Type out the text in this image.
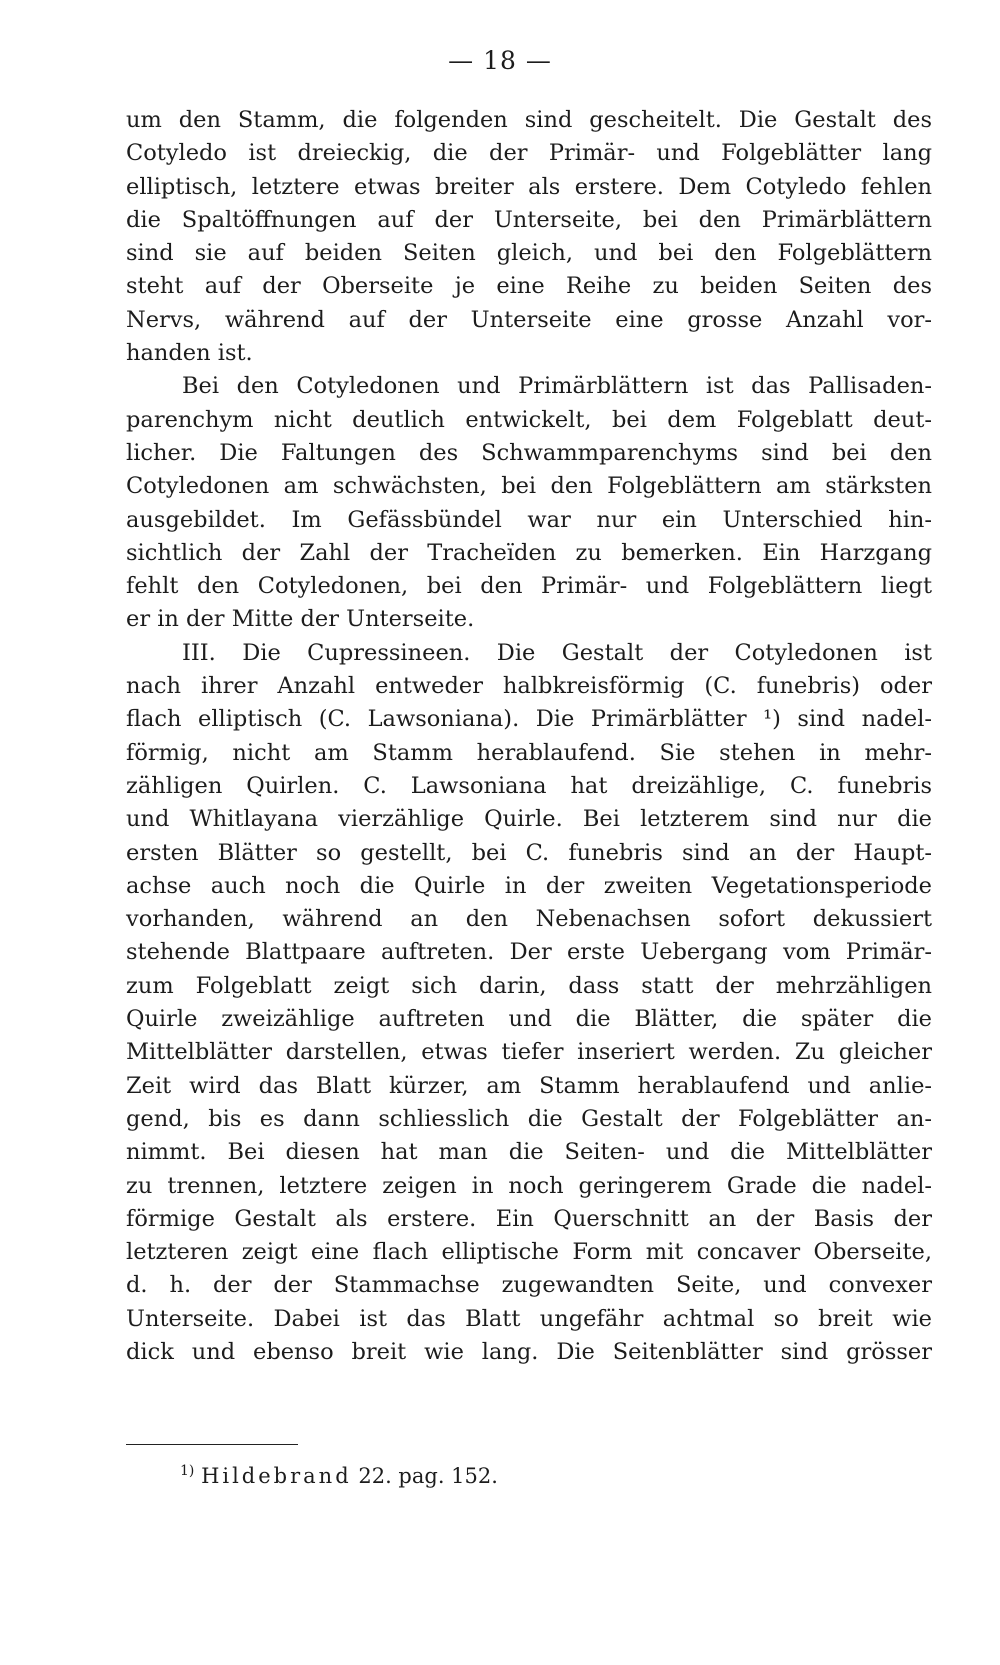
— 18 —
um den Stamm, die folgenden sind gescheitelt. Die Gestalt des
Cotyledo ist dreieckig, die der Primär- und Folgeblätter lang
elliptisch, letztere etwas breiter als erstere. Dem Cotyledo fehlen
die Spaltöffnungen auf der Unterseite, bei den Primärblättern
sind sie auf beiden Seiten gleich, und bei den Folgeblättern
steht auf der Oberseite je eine Reihe zu beiden Seiten des
Nervs, während auf der Unterseite eine grosse Anzahl vor-
handen ist.
Bei den Cotyledonen und Primärblättern ist das Pallisaden-
parenchym nicht deutlich entwickelt, bei dem Folgeblatt deut-
licher. Die Faltungen des Schwammparenchyms sind bei den
Cotyledonen am schwächsten, bei den Folgeblättern am stärksten
ausgebildet. Im Gefässbündel war nur ein Unterschied hin-
sichtlich der Zahl der Tracheïden zu bemerken. Ein Harzgang
fehlt den Cotyledonen, bei den Primär- und Folgeblättern liegt
er in der Mitte der Unterseite.
III. Die Cupressineen. Die Gestalt der Cotyledonen ist
nach ihrer Anzahl entweder halbkreisförmig (C. funebris) oder
flach elliptisch (C. Lawsoniana). Die Primärblätter ¹) sind nadel-
förmig, nicht am Stamm herablaufend. Sie stehen in mehr-
zähligen Quirlen. C. Lawsoniana hat dreizählige, C. funebris
und Whitlayana vierzählige Quirle. Bei letzterem sind nur die
ersten Blätter so gestellt, bei C. funebris sind an der Haupt-
achse auch noch die Quirle in der zweiten Vegetationsperiode
vorhanden, während an den Nebenachsen sofort dekussiert
stehende Blattpaare auftreten. Der erste Uebergang vom Primär-
zum Folgeblatt zeigt sich darin, dass statt der mehrzähligen
Quirle zweizählige auftreten und die Blätter, die später die
Mittelblätter darstellen, etwas tiefer inseriert werden. Zu gleicher
Zeit wird das Blatt kürzer, am Stamm herablaufend und anlie-
gend, bis es dann schliesslich die Gestalt der Folgeblätter an-
nimmt. Bei diesen hat man die Seiten- und die Mittelblätter
zu trennen, letztere zeigen in noch geringerem Grade die nadel-
förmige Gestalt als erstere. Ein Querschnitt an der Basis der
letzteren zeigt eine flach elliptische Form mit concaver Oberseite,
d. h. der der Stammachse zugewandten Seite, und convexer
Unterseite. Dabei ist das Blatt ungefähr achtmal so breit wie
dick und ebenso breit wie lang. Die Seitenblätter sind grösser
$^{1)}$ Hildebrand 22. pag. 152.
